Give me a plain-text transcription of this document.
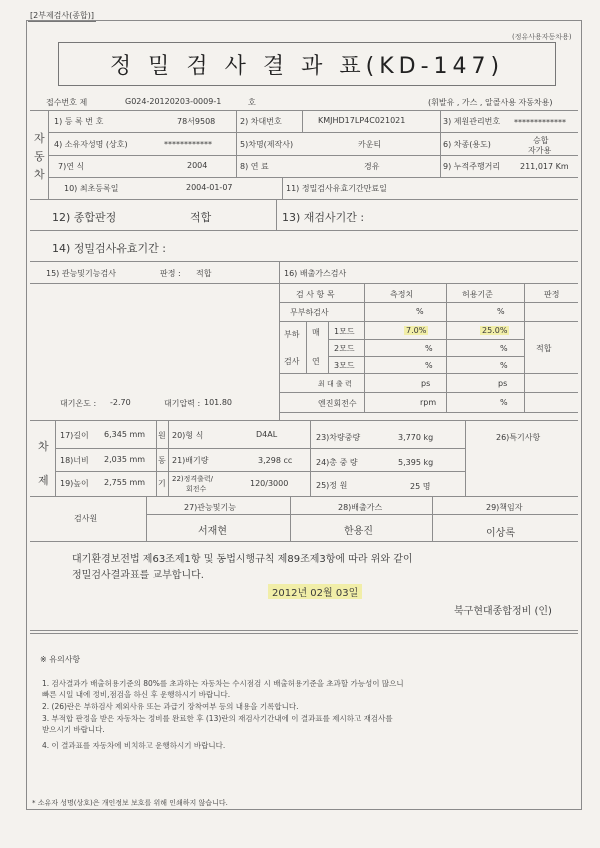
[2부제검사(종합)]
(정유사용자동차용)
정 밀 검 사 결 과 표(KD-147)
접수번호 제	G024-20120203-0009-1	호	(휘발유 , 가스 , 알콜사용 자동차용)
자
동
차
1) 등 록 번 호	78서9508	2) 차대번호	KMJHD17LP4C021021	3) 제원관리번호 *************
4) 소유자성명 (상호)	************	5)차명(제작사)	카운티	6) 차종(용도)	승합
자가용
7)연 식	2004	8) 연 료	경유	9) 누적주행거리 211,017 Km
10) 최초등록일	2004-01-07	11) 정밀검사유효기간만료일
12) 종합판정	적합	13) 재검사기간 :
14) 정밀검사유효기간 :
15) 관능및기능검사	판정 : 적합	16) 배출가스검사
검 사 항 목	측정치	허용기준	판정
무부하검사	%	%
부하
검사
매
연
1모드	7.0%	25.0%
2모드	%	%
3모드	%	%
적합
최 대 출 력	ps	ps
엔진회전수	rpm	%
대기온도 : -2.70	대기압력 : 101.80
차
제
원
동
기
17)길이 6,345 mm
18)너비 2,035 mm
19)높이 2,755 mm
20)형 식	D4AL
21)배기량	3,298 cc
22)정격출력/
회전수
120/3000
23)차량중량	3,770 kg
24)총 중 량	5,395 kg
25)정 원	25 명
26)특기사항
검사원
27)관능및기능	28)배출가스	29)책임자
서재현	한용진	이상록
대기환경보전법 제63조제1항 및 동법시행규칙 제89조제3항에 따라 위와 같이
정밀검사결과표를 교부합니다.
2012년 02월 03일
북구현대종합정비 (인)
※ 유의사항
1. 검사결과가 배출허용기준의 80%를 초과하는 자동차는 수시점검 시 배출허용기준을 초과할 가능성이 많으니
빠른 시일 내에 정비,점검을 하신 후 운행하시기 바랍니다.
2. (26)란은 부하검사 제외사유 또는 과급기 장착여부 등의 내용을 기록합니다.
3. 부적합 판정을 받은 자동차는 정비를 완료한 후 (13)란의 재검사기간내에 이 결과표를 제시하고 재검사를
받으시기 바랍니다.
4. 이 결과표를 자동차에 비치하고 운행하시기 바랍니다.
* 소유자 성명(상호)은 개인정보 보호를 위해 인쇄하지 않습니다.
